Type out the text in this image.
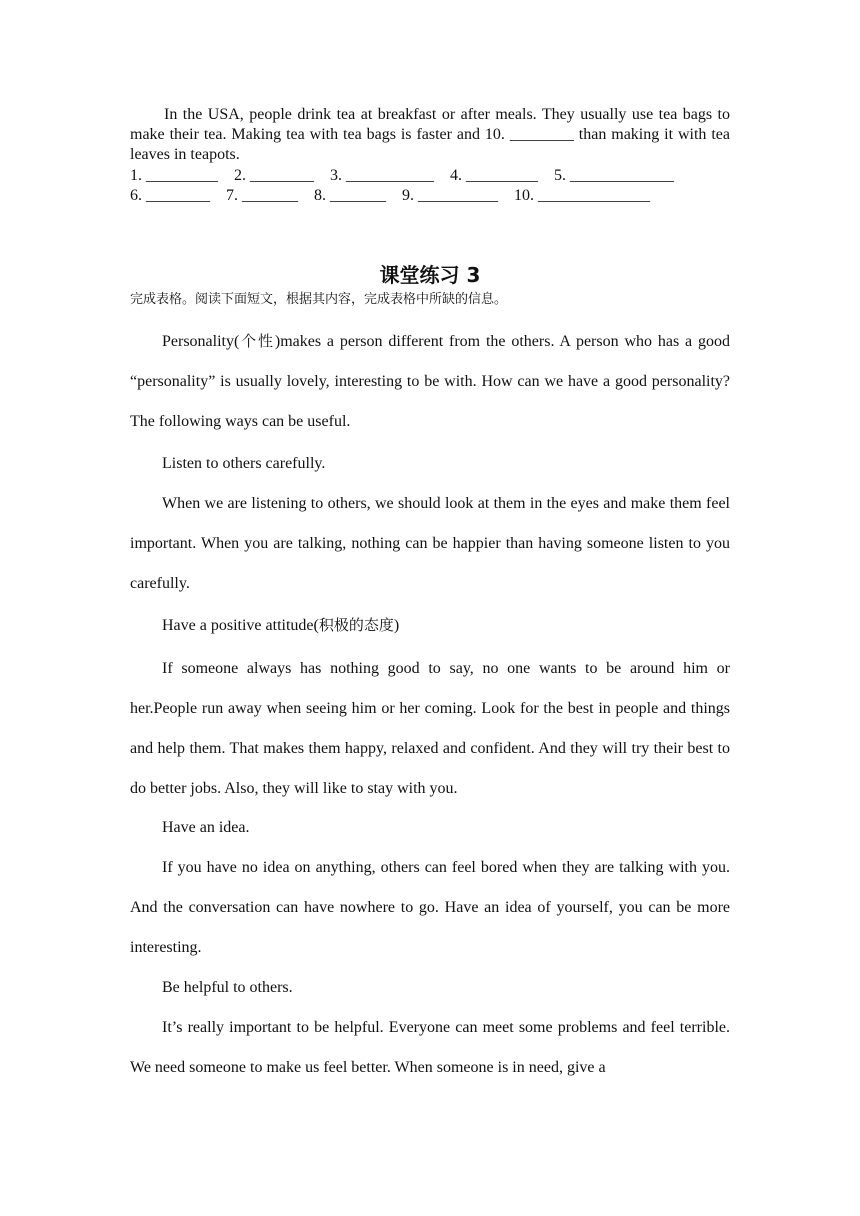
In the USA, people drink tea at breakfast or after meals. They usually use tea bags to make their tea. Making tea with tea bags is faster and 10. ________ than making it with tea leaves in teapots.

1. _________    2. ________    3. ___________    4. _________    5. _____________

6. ________    7. _______    8. _______    9. __________    10. ______________

课堂练习 3

完成表格。阅读下面短文，根据其内容，完成表格中所缺的信息。

Personality(个性)makes a person different from the others. A person who has a good “personality” is usually lovely, interesting to be with. How can we have a good personality? The following ways can be useful.

Listen to others carefully.

When we are listening to others, we should look at them in the eyes and make them feel important. When you are talking, nothing can be happier than having someone listen to you carefully.

Have a positive attitude(积极的态度)

If someone always has nothing good to say, no one wants to be around him or her.People run away when seeing him or her coming. Look for the best in people and things and help them. That makes them happy, relaxed and confident. And they will try their best to do better jobs. Also, they will like to stay with you.

Have an idea.

If you have no idea on anything, others can feel bored when they are talking with you. And the conversation can have nowhere to go. Have an idea of yourself, you can be more interesting.

Be helpful to others.

It’s really important to be helpful. Everyone can meet some problems and feel terrible. We need someone to make us feel better. When someone is in need, give a
